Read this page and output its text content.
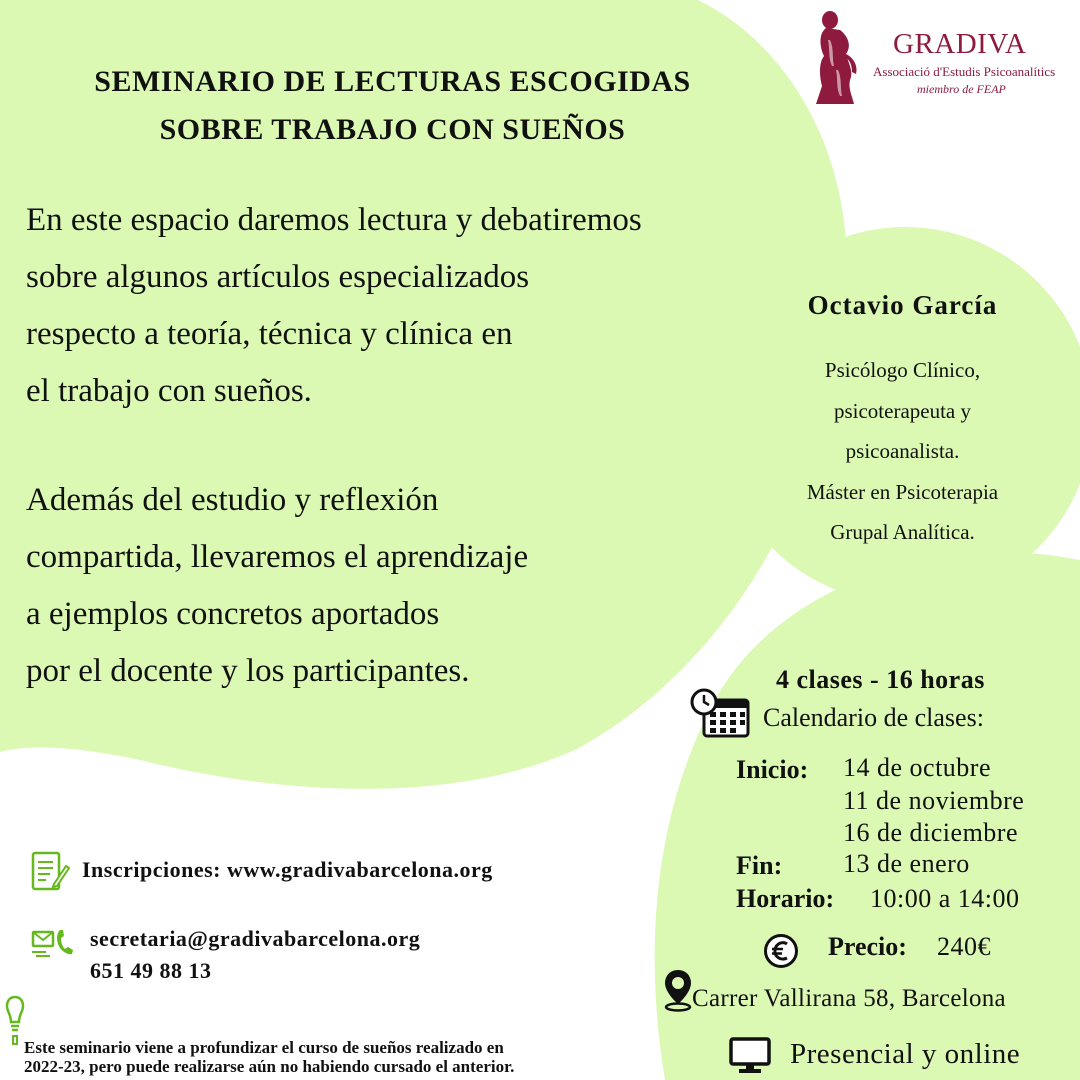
SEMINARIO DE LECTURAS ESCOGIDAS
SOBRE TRABAJO CON SUEÑOS
En este espacio daremos lectura y debatiremos
sobre algunos artículos especializados
respecto a teoría, técnica y clínica en
el trabajo con sueños.
Además del estudio y reflexión
compartida, llevaremos el aprendizaje
a ejemplos concretos aportados
por el docente y los participantes.
GRADIVA
Associació d'Estudis Psicoanalítics
miembro de FEAP
Octavio García
Psicólogo Clínico,
psicoterapeuta y
psicoanalista.
Máster en Psicoterapia
Grupal Analítica.
4 clases - 16 horas
Calendario de clases:
Inicio: 14 de octubre
11 de noviembre
16 de diciembre
Fin: 13 de enero
Horario: 10:00 a 14:00
Precio: 240€
Carrer Vallirana 58, Barcelona
Presencial y online
Inscripciones: www.gradivabarcelona.org
secretaria@gradivabarcelona.org
651 49 88 13
Este seminario viene a profundizar el curso de sueños realizado en
2022-23, pero puede realizarse aún no habiendo cursado el anterior.
